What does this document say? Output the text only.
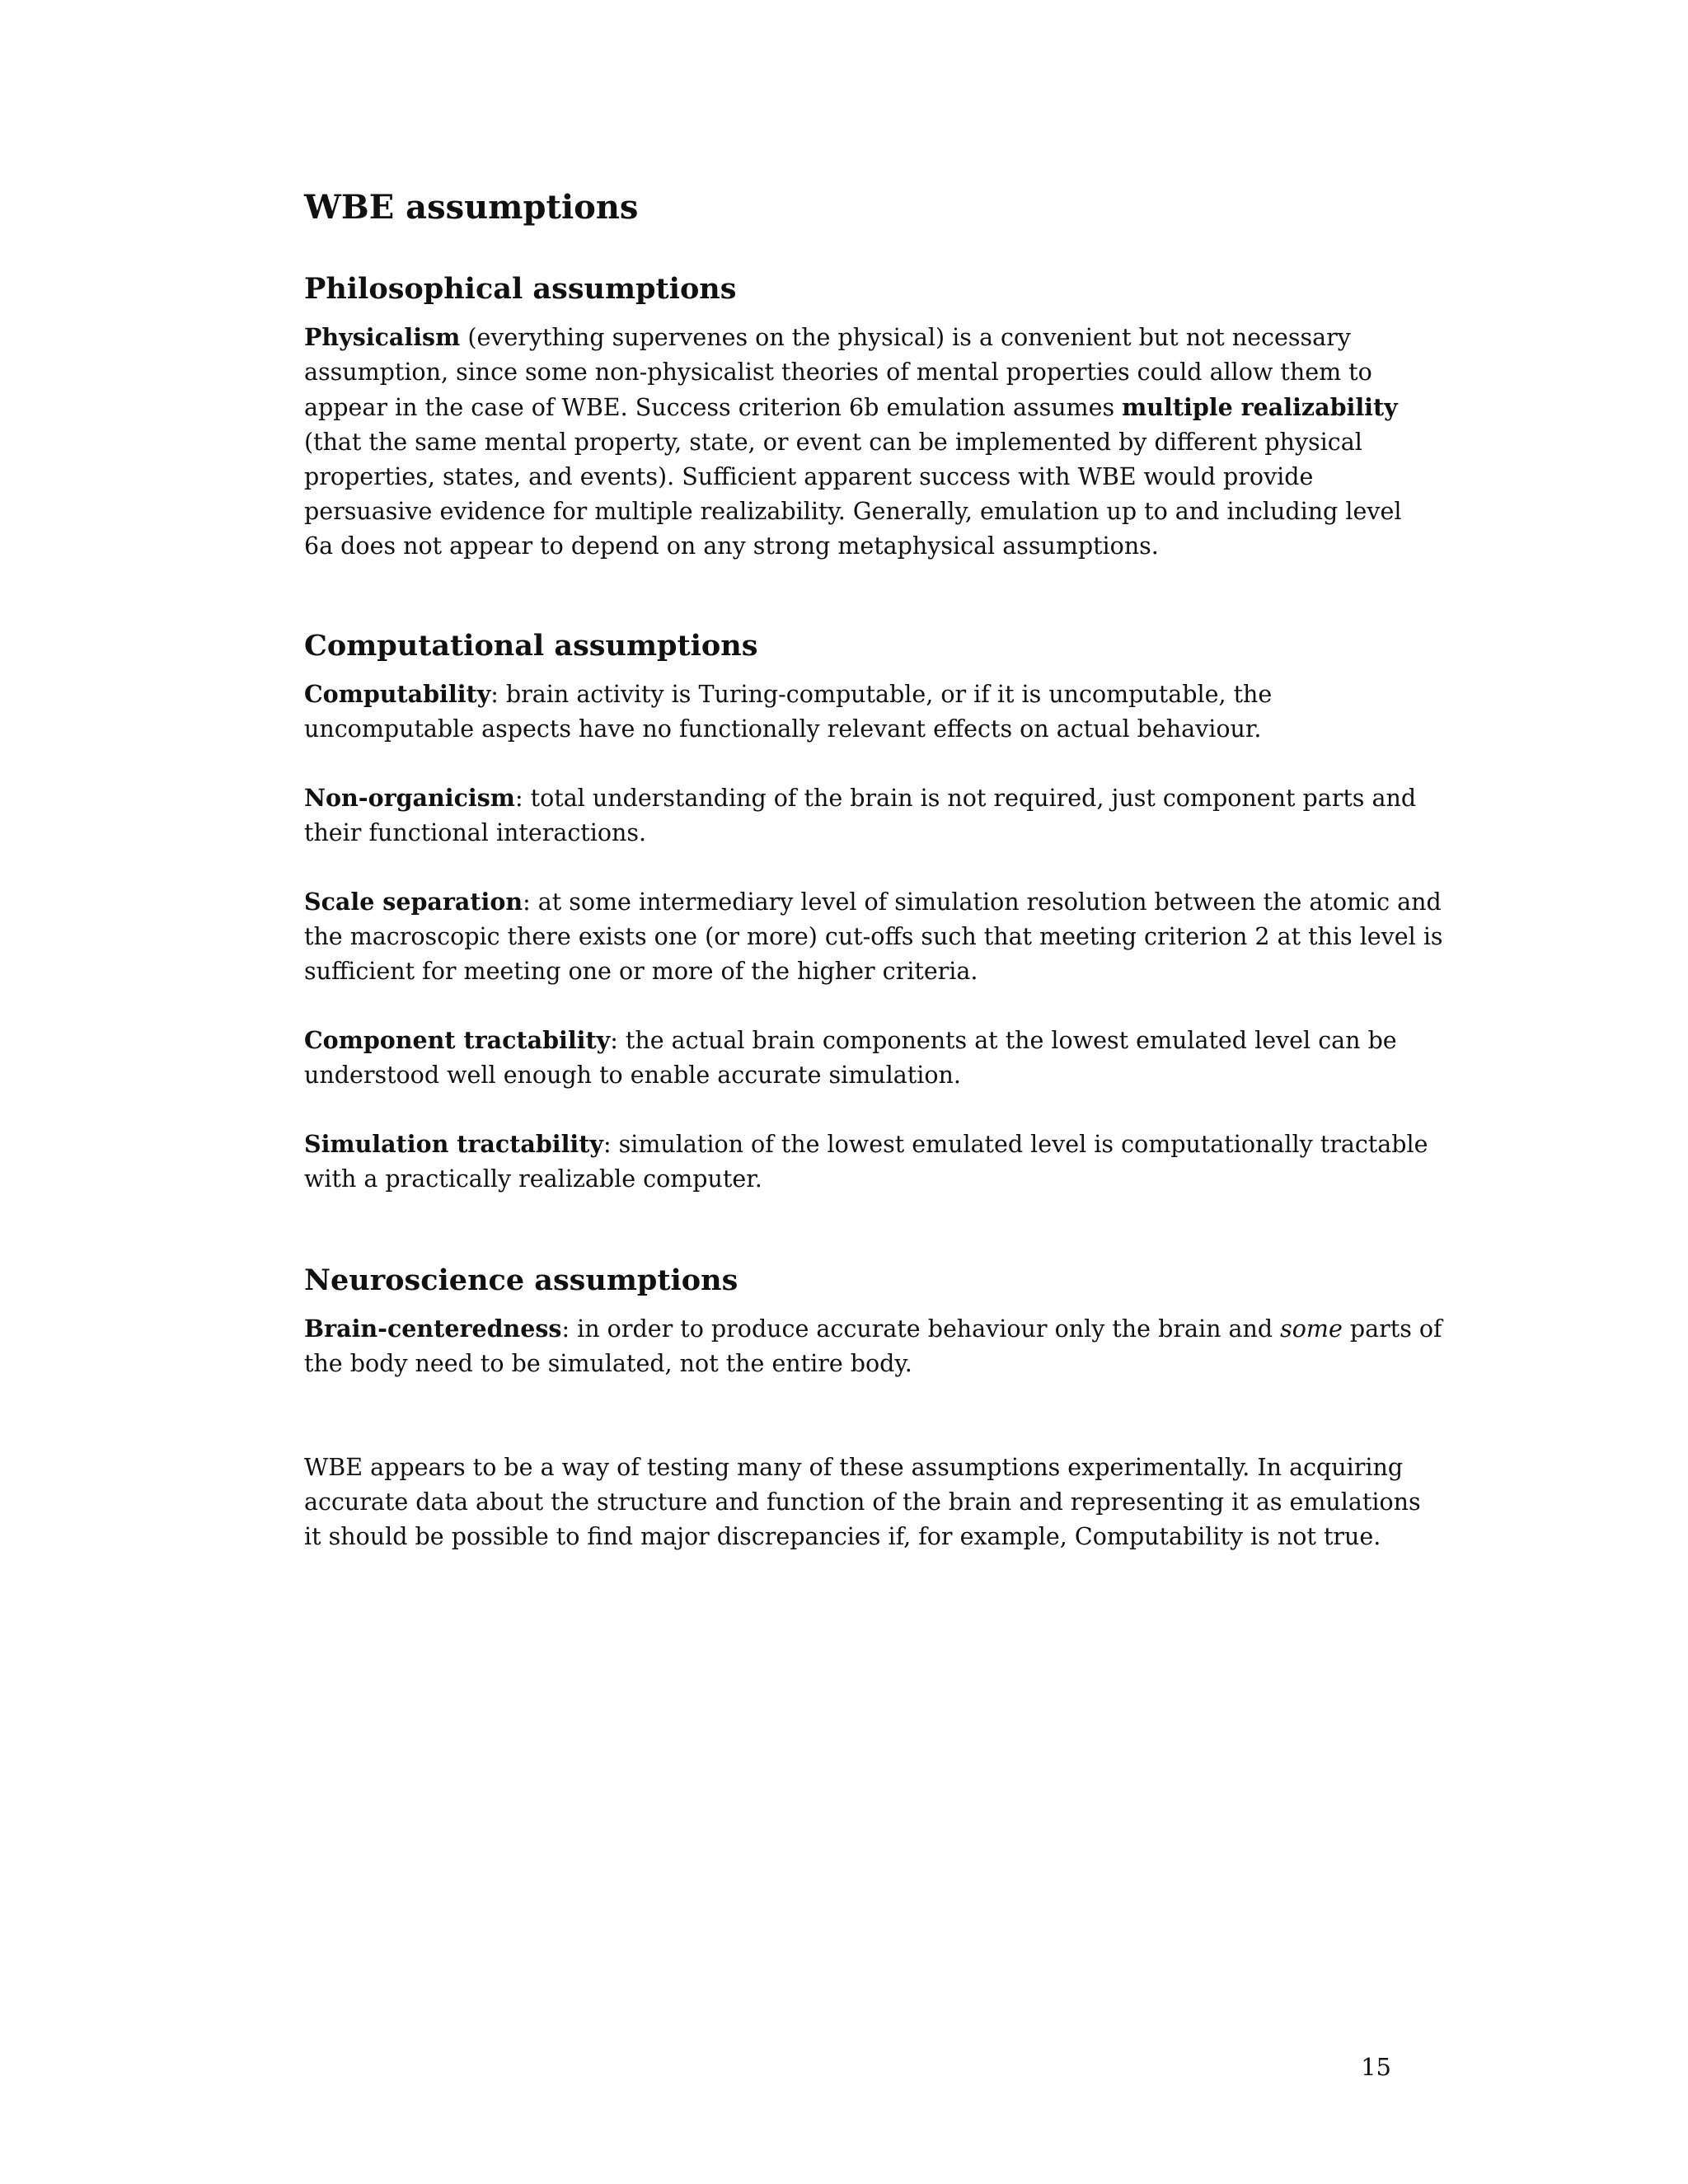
WBE assumptions
Philosophical assumptions
Physicalism (everything supervenes on the physical) is a convenient but not necessary
assumption, since some non-physicalist theories of mental properties could allow them to
appear in the case of WBE. Success criterion 6b emulation assumes multiple realizability
(that the same mental property, state, or event can be implemented by different physical
properties, states, and events). Sufficient apparent success with WBE would provide
persuasive evidence for multiple realizability. Generally, emulation up to and including level
6a does not appear to depend on any strong metaphysical assumptions.
Computational assumptions
Computability: brain activity is Turing-computable, or if it is uncomputable, the
uncomputable aspects have no functionally relevant effects on actual behaviour.
Non-organicism: total understanding of the brain is not required, just component parts and
their functional interactions.
Scale separation: at some intermediary level of simulation resolution between the atomic and
the macroscopic there exists one (or more) cut-offs such that meeting criterion 2 at this level is
sufficient for meeting one or more of the higher criteria.
Component tractability: the actual brain components at the lowest emulated level can be
understood well enough to enable accurate simulation.
Simulation tractability: simulation of the lowest emulated level is computationally tractable
with a practically realizable computer.
Neuroscience assumptions
Brain-centeredness: in order to produce accurate behaviour only the brain and some parts of
the body need to be simulated, not the entire body.
WBE appears to be a way of testing many of these assumptions experimentally. In acquiring
accurate data about the structure and function of the brain and representing it as emulations
it should be possible to find major discrepancies if, for example, Computability is not true.

15
